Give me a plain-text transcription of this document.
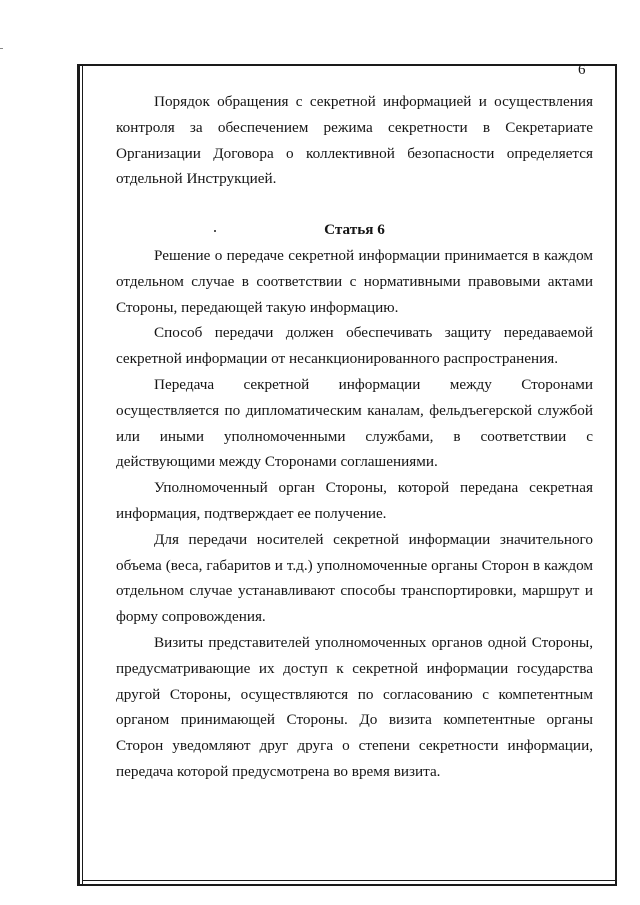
6

Порядок обращения с секретной информацией и осуществления контроля за обеспечением режима секретности в Секретариате Организации Договора о коллективной безопасности определяется отдельной Инструкцией.

Статья 6

Решение о передаче секретной информации принимается в каждом отдельном случае в соответствии с нормативными правовыми актами Стороны, передающей такую информацию.

Способ передачи должен обеспечивать защиту передаваемой секретной информации от несанкционированного распространения.

Передача секретной информации между Сторонами осуществляется по дипломатическим каналам, фельдъегерской службой или иными уполномоченными службами, в соответствии с действующими между Сторонами соглашениями.

Уполномоченный орган Стороны, которой передана секретная информация, подтверждает ее получение.

Для передачи носителей секретной информации значительного объема (веса, габаритов и т.д.) уполномоченные органы Сторон в каждом отдельном случае устанавливают способы транспортировки, маршрут и форму сопровождения.

Визиты представителей уполномоченных органов одной Стороны, предусматривающие их доступ к секретной информации государства другой Стороны, осуществляются по согласованию с компетентным органом принимающей Стороны. До визита компетентные органы Сторон уведомляют друг друга о степени секретности информации, передача которой предусмотрена во время визита.
